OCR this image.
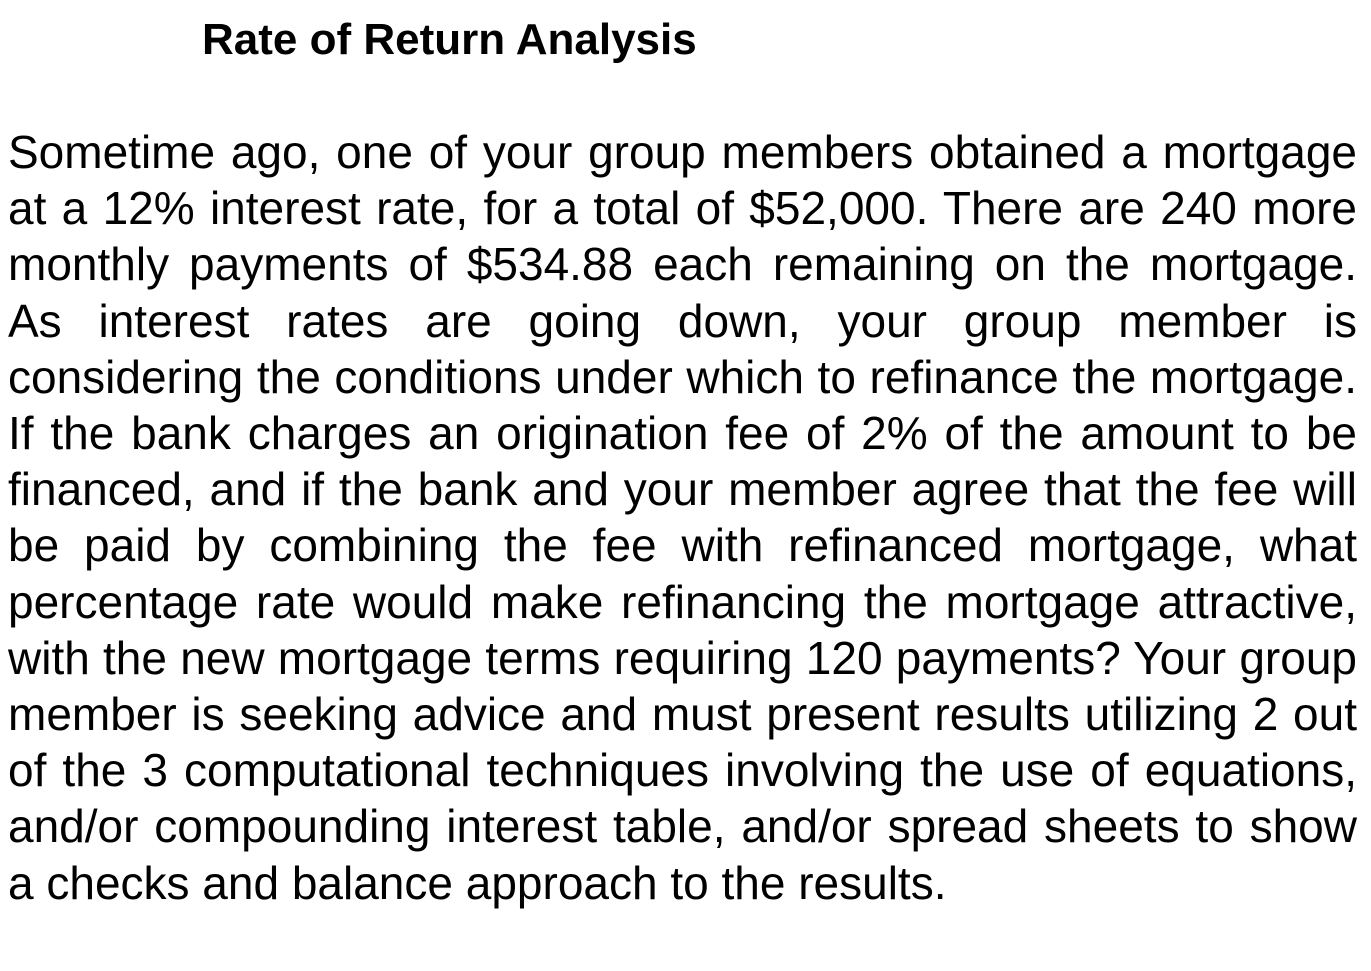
Rate of Return Analysis

Sometime ago, one of your group members obtained a mortgage at a 12% interest rate, for a total of $52,000. There are 240 more monthly payments of $534.88 each remaining on the mortgage. As interest rates are going down, your group member is considering the conditions under which to refinance the mortgage. If the bank charges an origination fee of 2% of the amount to be financed, and if the bank and your member agree that the fee will be paid by combining the fee with refinanced mortgage, what percentage rate would make refinancing the mortgage attractive, with the new mortgage terms requiring 120 payments? Your group member is seeking advice and must present results utilizing 2 out of the 3 computational techniques involving the use of equations, and/or compounding interest table, and/or spread sheets to show a checks and balance approach to the results.
